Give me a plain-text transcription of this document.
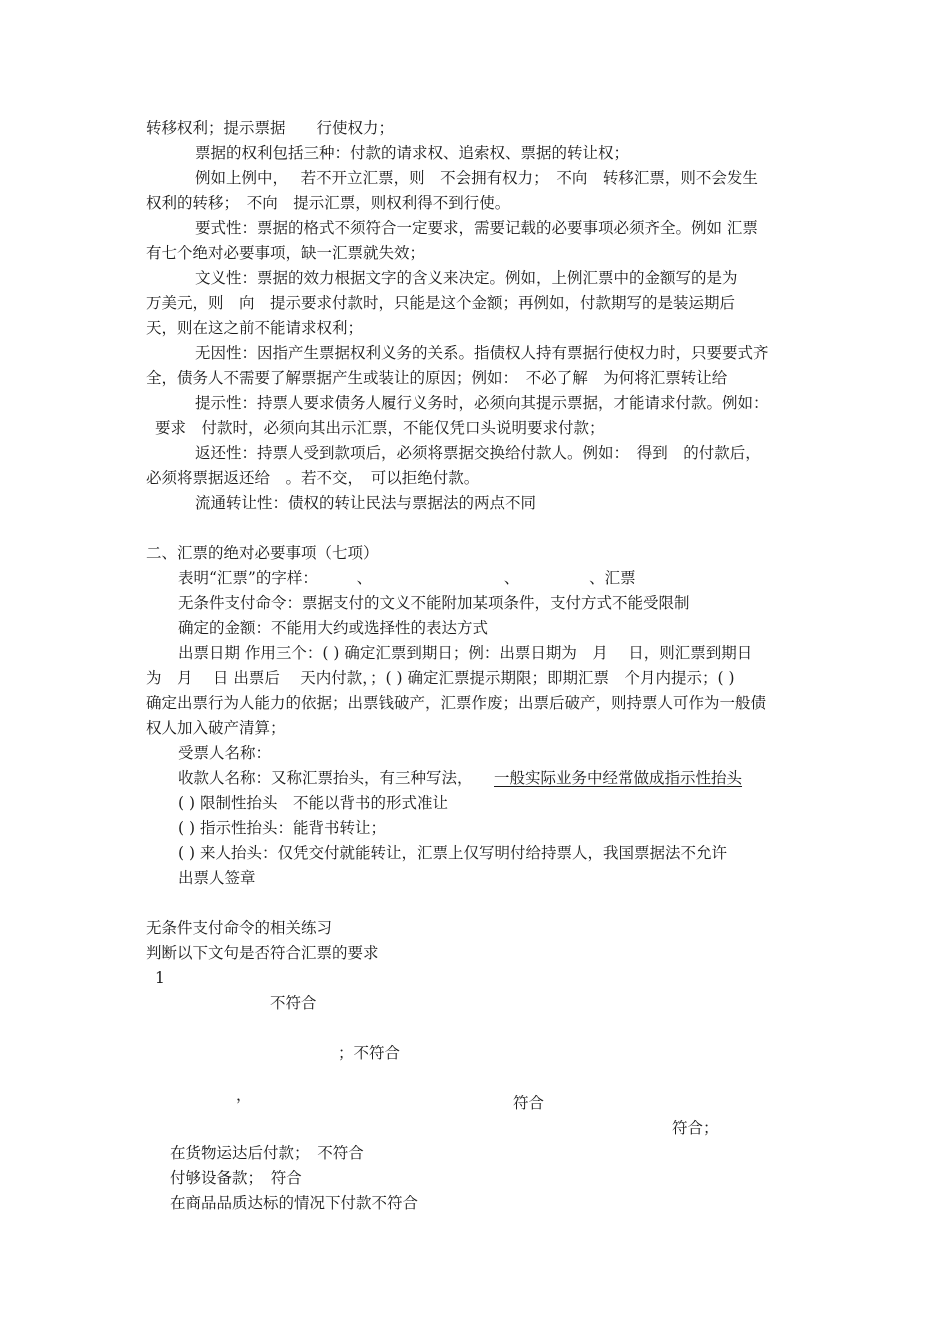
转移权利；提示票据　　行使权力；
票据的权利包括三种：付款的请求权、追索权、票据的转让权；
例如上例中，　 若不开立汇票，则　不会拥有权力；　不向　转移汇票，则不会发生
权利的转移；　不向　提示汇票，则权利得不到行使。
要式性：票据的格式不须符合一定要求，需要记载的必要事项必须齐全。例如 汇票
有七个绝对必要事项，缺一汇票就失效；
文义性：票据的效力根据文字的含义来决定。例如，上例汇票中的金额写的是为
万美元，则　向　提示要求付款时，只能是这个金额；再例如，付款期写的是装运期后
天，则在这之前不能请求权利；
无因性：因指产生票据权利义务的关系。指债权人持有票据行使权力时，只要要式齐
全，债务人不需要了解票据产生或装让的原因；例如：　不必了解　为何将汇票转让给
提示性：持票人要求债务人履行义务时，必须向其提示票据，才能请求付款。例如：
要求　付款时，必须向其出示汇票，不能仅凭口头说明要求付款；
返还性：持票人受到款项后，必须将票据交换给付款人。例如：　得到　的付款后，
必须将票据返还给　。若不交，　可以拒绝付款。
流通转让性：债权的转让民法与票据法的两点不同
二、汇票的绝对必要事项（七项）
表明“汇票”的字样：　　　、　　　　　　　　　、　　　　　、汇票
无条件支付命令：票据支付的文义不能附加某项条件，支付方式不能受限制
确定的金额：不能用大约或选择性的表达方式
出票日期 作用三个：( ) 确定汇票到期日；例：出票日期为　月　 日，则汇票到期日
为　月　 日 出票后　 天内付款，；( ) 确定汇票提示期限；即期汇票　个月内提示；( )
确定出票行为人能力的依据；出票钱破产，汇票作废；出票后破产，则持票人可作为一般债
权人加入破产清算；
受票人名称：
收款人名称：又称汇票抬头，有三种写法， 一般实际业务中经常做成指示性抬头
( ) 限制性抬头　不能以背书的形式准让
( ) 指示性抬头：能背书转让；
( ) 来人抬头：仅凭交付就能转让，汇票上仅写明付给持票人，我国票据法不允许
出票人签章
无条件支付命令的相关练习
判断以下文句是否符合汇票的要求
1
不符合
；不符合
，	符合
符合；
在货物运达后付款；　不符合
付够设备款；　符合
在商品品质达标的情况下付款不符合
